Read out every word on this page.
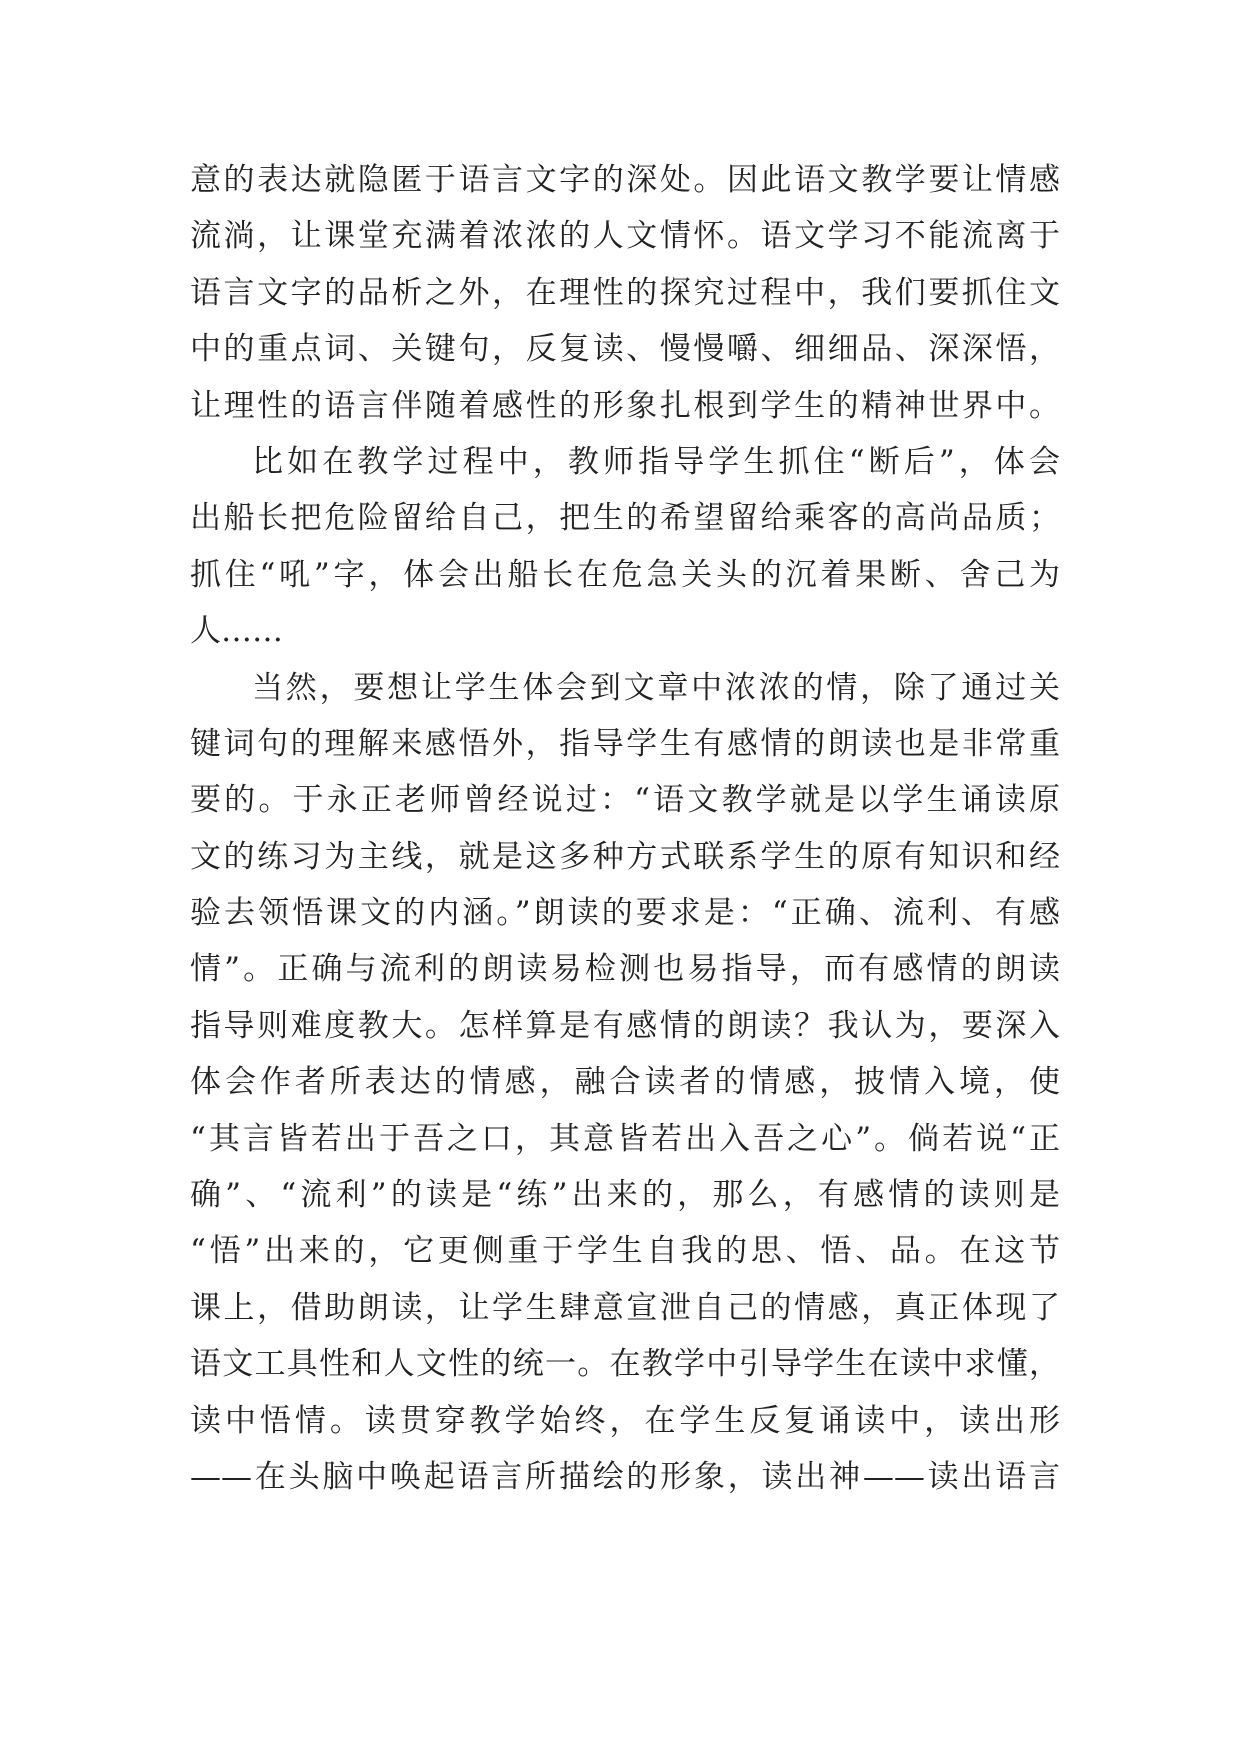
意的表达就隐匿于语言文字的深处。因此语文教学要让情感
流淌，让课堂充满着浓浓的人文情怀。语文学习不能流离于
语言文字的品析之外，在理性的探究过程中，我们要抓住文
中的重点词、关键句，反复读、慢慢嚼、细细品、深深悟，
让理性的语言伴随着感性的形象扎根到学生的精神世界中。
比如在教学过程中，教师指导学生抓住“断后”，体会
出船长把危险留给自己，把生的希望留给乘客的高尚品质；
抓住“吼”字，体会出船长在危急关头的沉着果断、舍己为
人……
当然，要想让学生体会到文章中浓浓的情，除了通过关
键词句的理解来感悟外，指导学生有感情的朗读也是非常重
要的。于永正老师曾经说过：“语文教学就是以学生诵读原
文的练习为主线，就是这多种方式联系学生的原有知识和经
验去领悟课文的内涵。”朗读的要求是：“正确、流利、有感
情”。正确与流利的朗读易检测也易指导，而有感情的朗读
指导则难度教大。怎样算是有感情的朗读？我认为，要深入
体会作者所表达的情感，融合读者的情感，披情入境，使
“其言皆若出于吾之口，其意皆若出入吾之心”。倘若说“正
确”、“流利”的读是“练”出来的，那么，有感情的读则是
“悟”出来的，它更侧重于学生自我的思、悟、品。在这节
课上，借助朗读，让学生肆意宣泄自己的情感，真正体现了
语文工具性和人文性的统一。在教学中引导学生在读中求懂，
读中悟情。读贯穿教学始终，在学生反复诵读中，读出形
——在头脑中唤起语言所描绘的形象，读出神——读出语言
